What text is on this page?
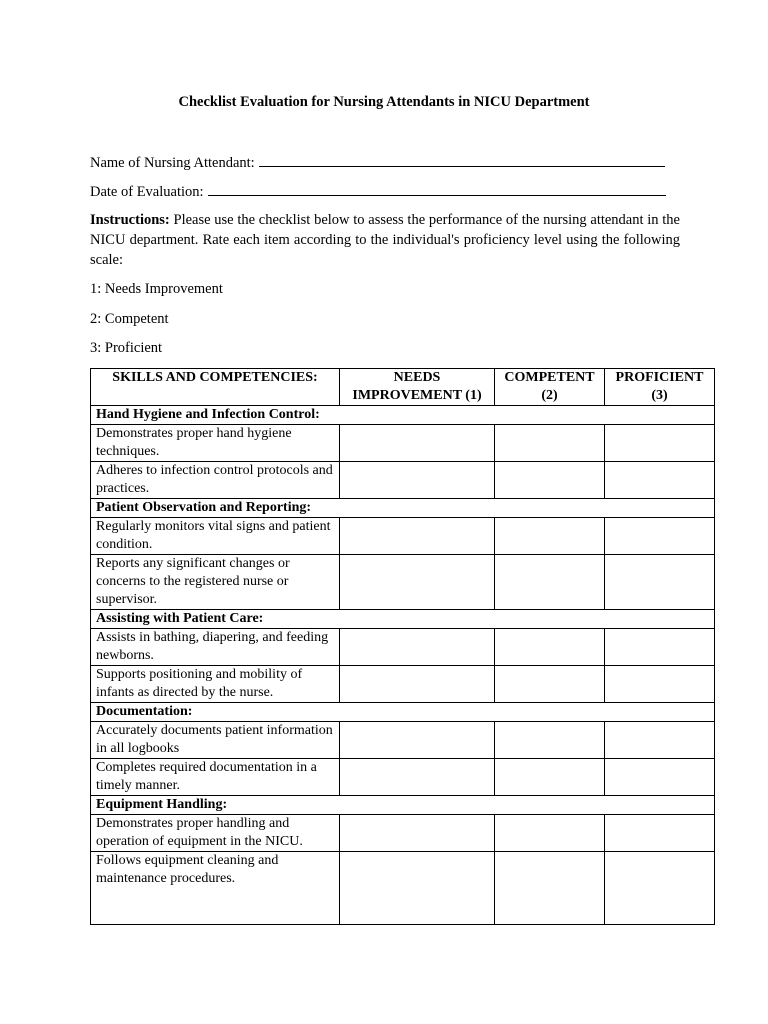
Checklist Evaluation for Nursing Attendants in NICU Department
Name of Nursing Attendant:
Date of Evaluation:
Instructions: Please use the checklist below to assess the performance of the nursing attendant in the NICU department. Rate each item according to the individual's proficiency level using the following scale:
1: Needs Improvement
2: Competent
3: Proficient
SKILLS AND COMPETENCIES:	NEEDS IMPROVEMENT (1)	COMPETENT (2)	PROFICIENT (3)
Hand Hygiene and Infection Control:			
Demonstrates proper hand hygiene techniques.			
Adheres to infection control protocols and practices.			
Patient Observation and Reporting:			
Regularly monitors vital signs and patient condition.			
Reports any significant changes or concerns to the registered nurse or supervisor.			
Assisting with Patient Care:			
Assists in bathing, diapering, and feeding newborns.			
Supports positioning and mobility of infants as directed by the nurse.			
Documentation:			
Accurately documents patient information in all logbooks			
Completes required documentation in a timely manner.			
Equipment Handling:			
Demonstrates proper handling and operation of equipment in the NICU.			
Follows equipment cleaning and maintenance procedures.			
